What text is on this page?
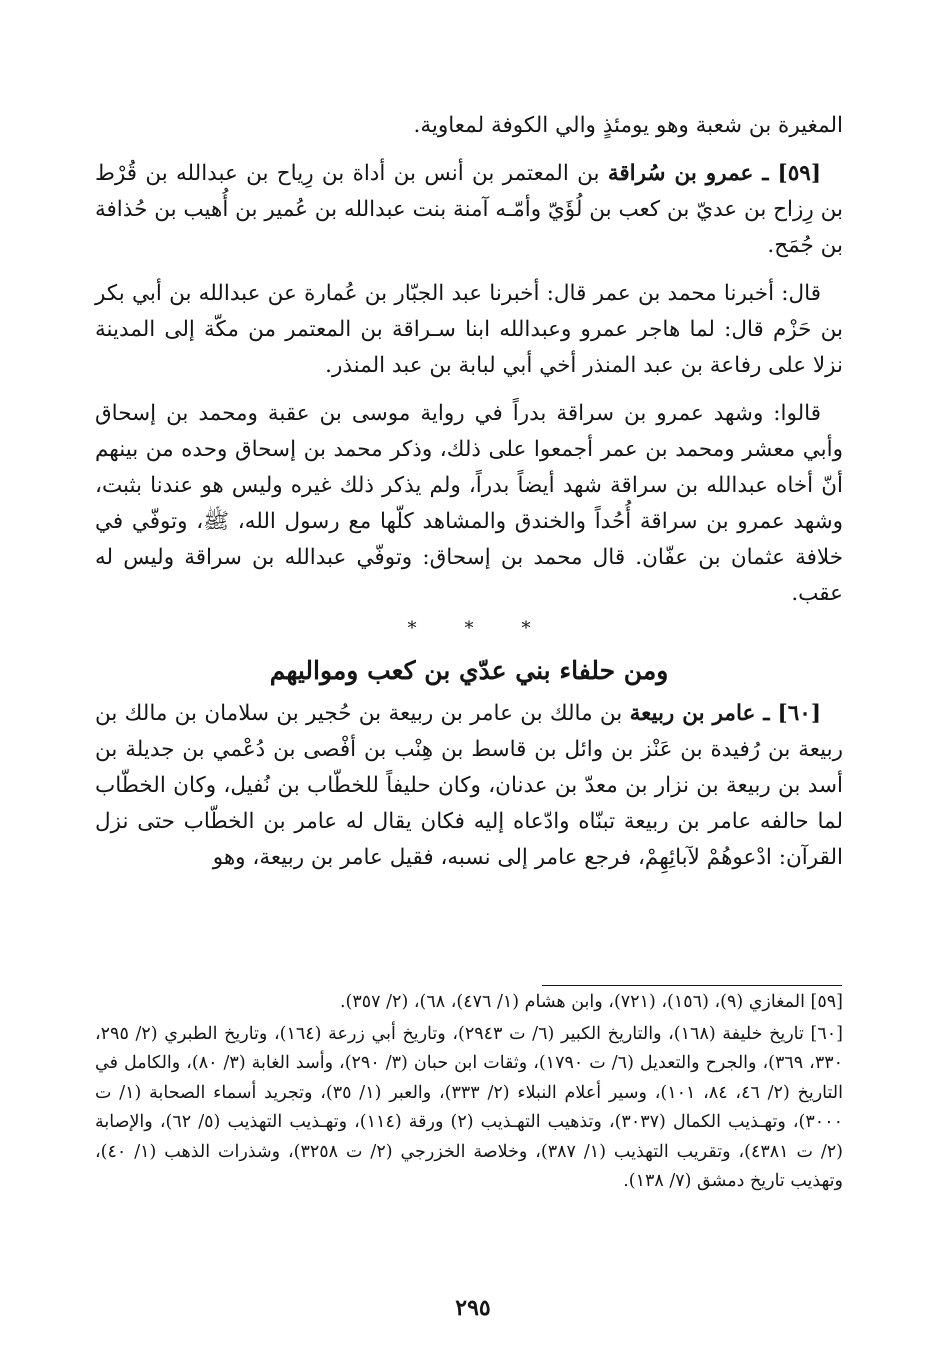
المغيرة بن شعبة وهو يومئذٍ والي الكوفة لمعاوية.

[٥٩] ـ عمرو بن سُراقة بن المعتمر بن أنس بن أداة بن رِياح بن عبدالله بن قُرْط بن رِزاح بن عديّ بن كعب بن لُؤَيّ وأمّـه آمنة بنت عبدالله بن عُمير بن أُهيب بن حُذافة بن جُمَح.

قال: أخبرنا محمد بن عمر قال: أخبرنا عبد الجبّار بن عُمارة عن عبدالله بن أبي بكر بن حَزْم قال: لما هاجر عمرو وعبدالله ابنا سـراقة بن المعتمر من مكّة إلى المدينة نزلا على رفاعة بن عبد المنذر أخي أبي لبابة بن عبد المنذر.

قالوا: وشهد عمرو بن سراقة بدراً في رواية موسى بن عقبة ومحمد بن إسحاق وأبي معشر ومحمد بن عمر أجمعوا على ذلك، وذكر محمد بن إسحاق وحده من بينهم أنّ أخاه عبدالله بن سراقة شهد أيضاً بدراً، ولم يذكر ذلك غيره وليس هو عندنا بثبت، وشهد عمرو بن سراقة أُحُداً والخندق والمشاهد كلّها مع رسول الله، ﷺ، وتوفّي في خلافة عثمان بن عفّان. قال محمد بن إسحاق: وتوفّي عبدالله بن سراقة وليس له عقب.

*	*	*
ومن حلفاء بني عدّي بن كعب ومواليهم

[٦٠] ـ عامر بن ربيعة بن مالك بن عامر بن ربيعة بن حُجير بن سلامان بن مالك بن ربيعة بن رُفيدة بن عَنْز بن وائل بن قاسط بن هِنْب بن أفْصى بن دُعْمي بن جديلة بن أسد بن ربيعة بن نزار بن معدّ بن عدنان، وكان حليفاً للخطّاب بن نُفيل، وكان الخطّاب لما حالفه عامر بن ربيعة تبنّاه وادّعاه إليه فكان يقال له عامر بن الخطّاب حتى نزل القرآن: ادْعوهُمْ لآبائِهِمْ، فرجع عامر إلى نسبه، فقيل عامر بن ربيعة، وهو

[٥٩] المغازي (٩)، (١٥٦)، (٧٢١)، وابن هشام (١/ ٤٧٦)، ٦٨)، (٢/ ٣٥٧).

[٦٠] تاريخ خليفة (١٦٨)، والتاريخ الكبير (٦/ ت ٢٩٤٣)، وتاريخ أبي زرعة (١٦٤)، وتاريخ الطبري (٢/ ٢٩٥، ٣٣٠، ٣٦٩)، والجرح والتعديل (٦/ ت ١٧٩٠)، وثقات ابن حبان (٣/ ٢٩٠)، وأسد الغابة (٣/ ٨٠)، والكامل في التاريخ (٢/ ٤٦، ٨٤، ١٠١)، وسير أعلام النبلاء (٢/ ٣٣٣)، والعبر (١/ ٣٥)، وتجريد أسماء الصحابة (١/ ت ٣٠٠٠)، وتهـذيب الكمال (٣٠٣٧)، وتذهيب التهـذيب (٢) ورقة (١١٤)، وتهـذيب التهذيب (٥/ ٦٢)، والإصابة (٢/ ت ٤٣٨١)، وتقريب التهذيب (١/ ٣٨٧)، وخلاصة الخزرجي (٢/ ت ٣٢٥٨)، وشذرات الذهب (١/ ٤٠)، وتهذيب تاريخ دمشق (٧/ ١٣٨).

٢٩٥
